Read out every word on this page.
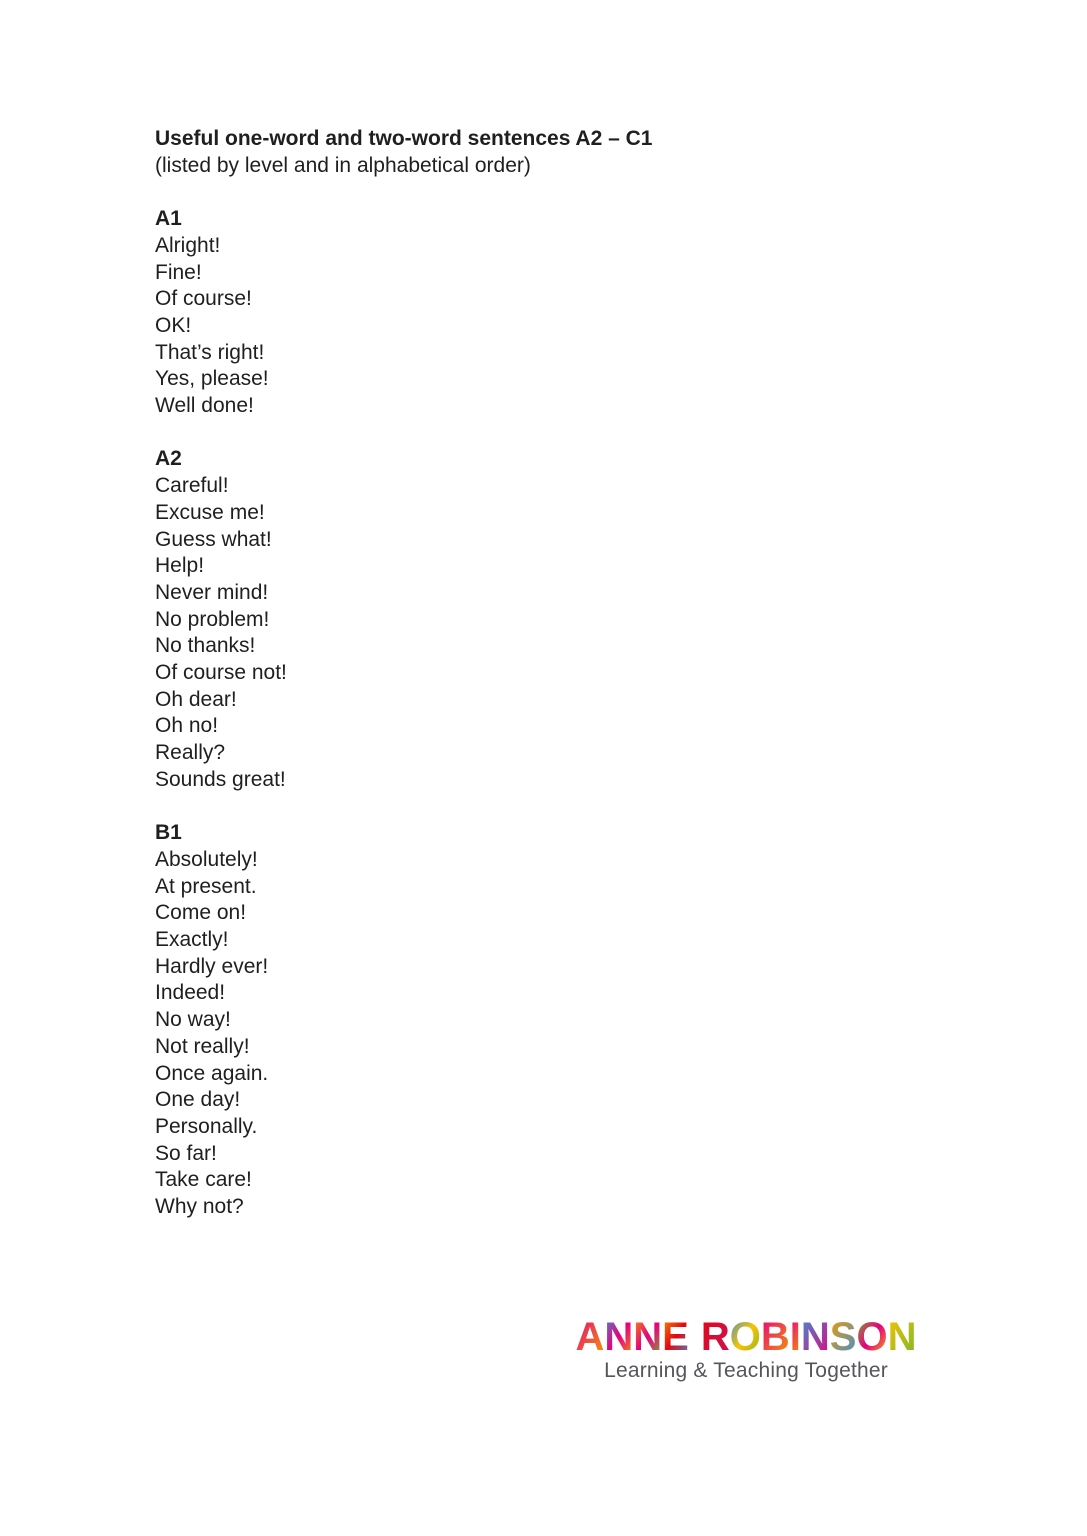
Useful one-word and two-word sentences A2 – C1
(listed by level and in alphabetical order)
A1
Alright!
Fine!
Of course!
OK!
That’s right!
Yes, please!
Well done!
A2
Careful!
Excuse me!
Guess what!
Help!
Never mind!
No problem!
No thanks!
Of course not!
Oh dear!
Oh no!
Really?
Sounds great!
B1
Absolutely!
At present.
Come on!
Exactly!
Hardly ever!
Indeed!
No way!
Not really!
Once again.
One day!
Personally.
So far!
Take care!
Why not?
ANNE ROBINSON
Learning & Teaching Together
